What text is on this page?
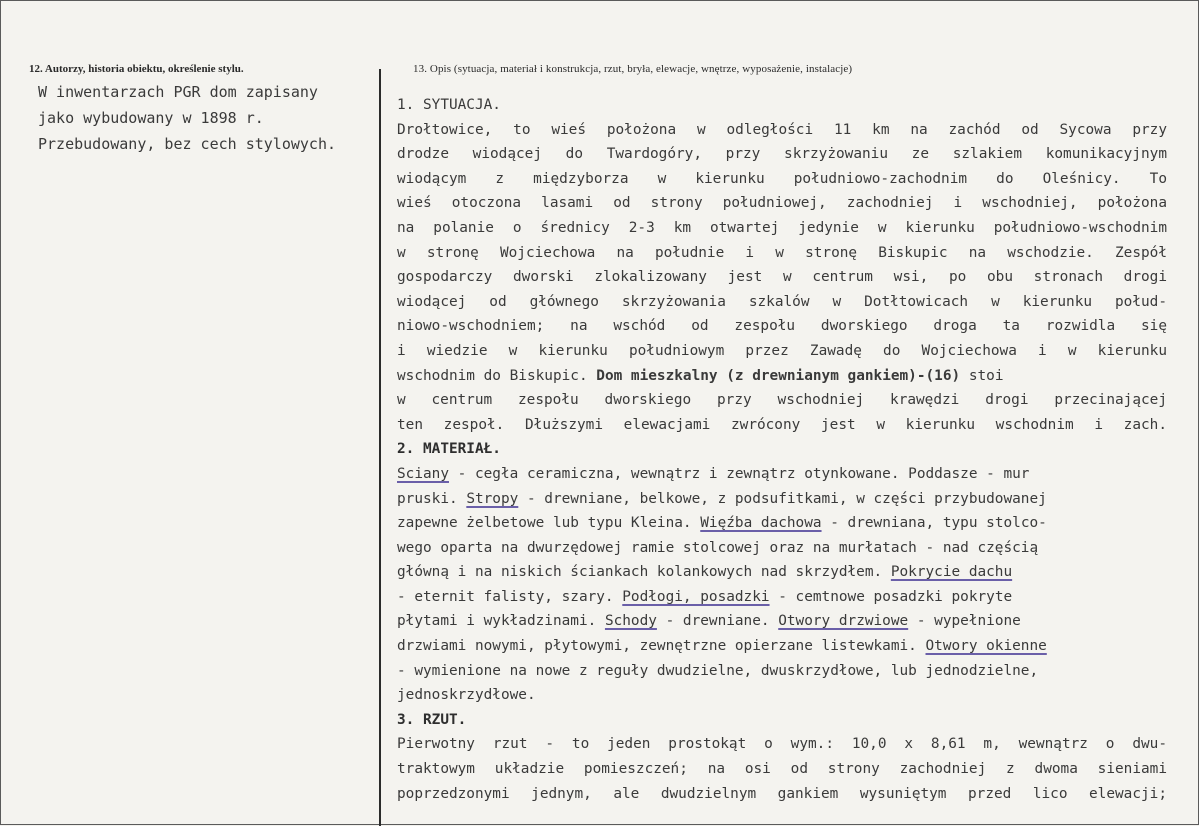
12. Autorzy, historia obiektu, określenie stylu.	13. Opis (sytuacja, materiał i konstrukcja, rzut, bryła, elewacje, wnętrze, wyposażenie, instalacje)
W inwentarzach PGR dom zapisany
jako wybudowany w 1898 r.
Przebudowany, bez cech stylowych.
1. SYTUACJA.
Drołtowice, to wieś położona w odległości 11 km na zachód od Sycowa przy
drodze wiodącej do Twardogóry, przy skrzyżowaniu ze szlakiem komunikacyjnym
wiodącym z międzyborza w kierunku południowo-zachodnim do Oleśnicy. To
wieś otoczona lasami od strony południowej, zachodniej i wschodniej, położona
na polanie o średnicy 2-3 km otwartej jedynie w kierunku południowo-wschodnim
w stronę Wojciechowa na południe i w stronę Biskupic na wschodzie. Zespół
gospodarczy dworski zlokalizowany jest w centrum wsi, po obu stronach drogi
wiodącej od głównego skrzyżowania szkalów w Dotłtowicach w kierunku połud-
niowo-wschodniem; na wschód od zespołu dworskiego droga ta rozwidla się
i wiedzie w kierunku południowym przez Zawadę do Wojciechowa i w kierunku
wschodnim do Biskupic. Dom mieszkalny (z drewnianym gankiem)-(16) stoi
w centrum zespołu dworskiego przy wschodniej krawędzi drogi przecinającej
ten zespoł. Dłuższymi elewacjami zwrócony jest w kierunku wschodnim i zach.
2. MATERIAŁ.
Sciany - cegła ceramiczna, wewnątrz i zewnątrz otynkowane. Poddasze - mur
pruski. Stropy - drewniane, belkowe, z podsufitkami, w części przybudowanej
zapewne żelbetowe lub typu Kleina. Więźba dachowa - drewniana, typu stolco-
wego oparta na dwurzędowej ramie stolcowej oraz na murłatach - nad częścią
główną i na niskich ściankach kolankowych nad skrzydłem. Pokrycie dachu
- eternit falisty, szary. Podłogi, posadzki - cemtnowe posadzki pokryte
płytami i wykładzinami. Schody - drewniane. Otwory drzwiowe - wypełnione
drzwiami nowymi, płytowymi, zewnętrzne opierzane listewkami. Otwory okienne
- wymienione na nowe z reguły dwudzielne, dwuskrzydłowe, lub jednodzielne,
jednoskrzydłowe.
3. RZUT.
Pierwotny rzut - to jeden prostokąt o wym.: 10,0 x 8,61 m, wewnątrz o dwu-
traktowym układzie pomieszczeń; na osi od strony zachodniej z dwoma sieniami
poprzedzonymi jednym, ale dwudzielnym gankiem wysuniętym przed lico elewacji;
